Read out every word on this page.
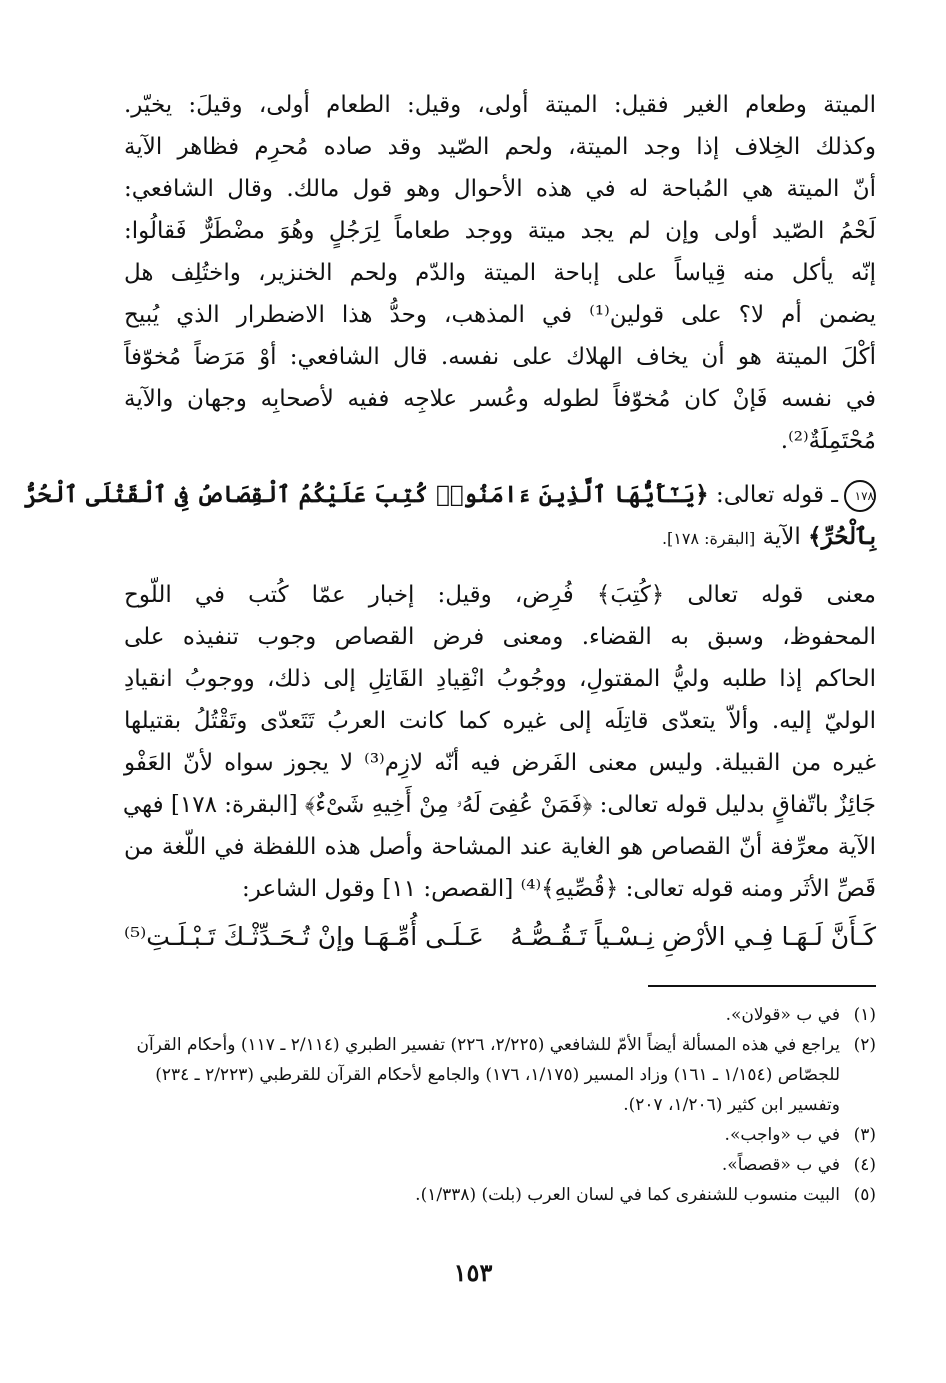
الميتة وطعام الغير فقيل: الميتة أولى، وقيل: الطعام أولى، وقيلَ: يخيّر.
وكذلك الخِلاف إذا وجد الميتة، ولحم الصّيد وقد صاده مُحرِم فظاهر الآية
أنّ الميتة هي المُباحة له في هذه الأحوال وهو قول مالك. وقال الشافعي:
لَحْمُ الصّيد أولى وإن لم يجد ميتة ووجد طعاماً لِرَجُلٍ وهُوَ مضْطَرٌّ فَقالُوا:
إنّه يأكل منه قِياساً على إباحة الميتة والدّم ولحم الخنزير، واختُلِف هل
يضمن أم لا؟ على قولين⁽¹⁾ في المذهب، وحدُّ هذا الاضطرار الذي يُبيح
أكْلَ الميتة هو أن يخاف الهلاك على نفسه. قال الشافعي: أوْ مَرَضاً مُخوّفاً
في نفسه فَإنْ كان مُخوّفاً لطوله وعُسر علاجِه ففيه لأصحابِه وجهان والآية
مُحْتَمِلَةٌ⁽²⁾.

١٧٨ـ قوله تعالى: ﴿يَـٰٓأَيُّهَا ٱلَّذِينَ ءَامَنُوا۟ كُتِبَ عَلَيْكُمُ ٱلْقِصَاصُ فِى ٱلْقَتْلَى ٱلْحُرُّ
بِٱلْحُرِّ﴾ الآية [البقرة: ١٧٨].

معنى قوله تعالى ﴿كُتِبَ﴾ فُرِض، وقيل: إخبار عمّا كُتب في اللّوح
المحفوظ، وسبق به القضاء. ومعنى فرض القصاص وجوب تنفيذه على
الحاكم إذا طلبه وليُّ المقتولِ، ووجُوبُ انْقِيادِ القَاتِلِ إلى ذلك، ووجوبُ انقيادِ
الوليّ إليه. وألاّ يتعدّى قاتِلَه إلى غيره كما كانت العربُ تَتَعدّى وتَقْتُلُ بقتيلها
غيره من القبيلة. وليس معنى الفَرض فيه أنّه لازِم⁽³⁾ لا يجوز سواه لأنّ العَفْو
جَائِزٌ باتّفاقٍ بدليل قوله تعالى: ﴿فَمَنْ عُفِىَ لَهُۥ مِنْ أَخِيهِ شَىْءٌ﴾ [البقرة: ١٧٨] فهي
الآية معرِّفة أنّ القصاص هو الغاية عند المشاحة وأصل هذه اللفظة في اللّغة من
قَصِّ الأثَر ومنه قوله تعالى: ﴿قُصِّيهِ﴾⁽⁴⁾ [القصص: ١١] وقول الشاعر:

كَـأَنَّ لَـهَـا فِـي الأرْضِ نِـسْـياً تَـقُـصُّـهُ
عَـلَـى أُمِّـهَـا وإنْ تُـحَـدِّثْـكَ تَـبْـلَـتِ⁽⁵⁾
(١)
في ب «قولان».
(٢)
يراجع في هذه المسألة أيضاً الأمّ للشافعي (٢/٢٢٥، ٢٢٦) تفسير الطبري (٢/١١٤ ـ ١١٧) وأحكام القرآن للجصّاص (١/١٥٤ ـ ١٦١) وزاد المسير (١/١٧٥، ١٧٦) والجامع لأحكام القرآن للقرطبي (٢/٢٢٣ ـ ٢٣٤) وتفسير ابن كثير (١/٢٠٦، ٢٠٧).
(٣)
في ب «واجب».
(٤)
في ب «قصصاً».
(٥)
البيت منسوب للشنفرى كما في لسان العرب (بلت) (١/٣٣٨).
١٥٣
